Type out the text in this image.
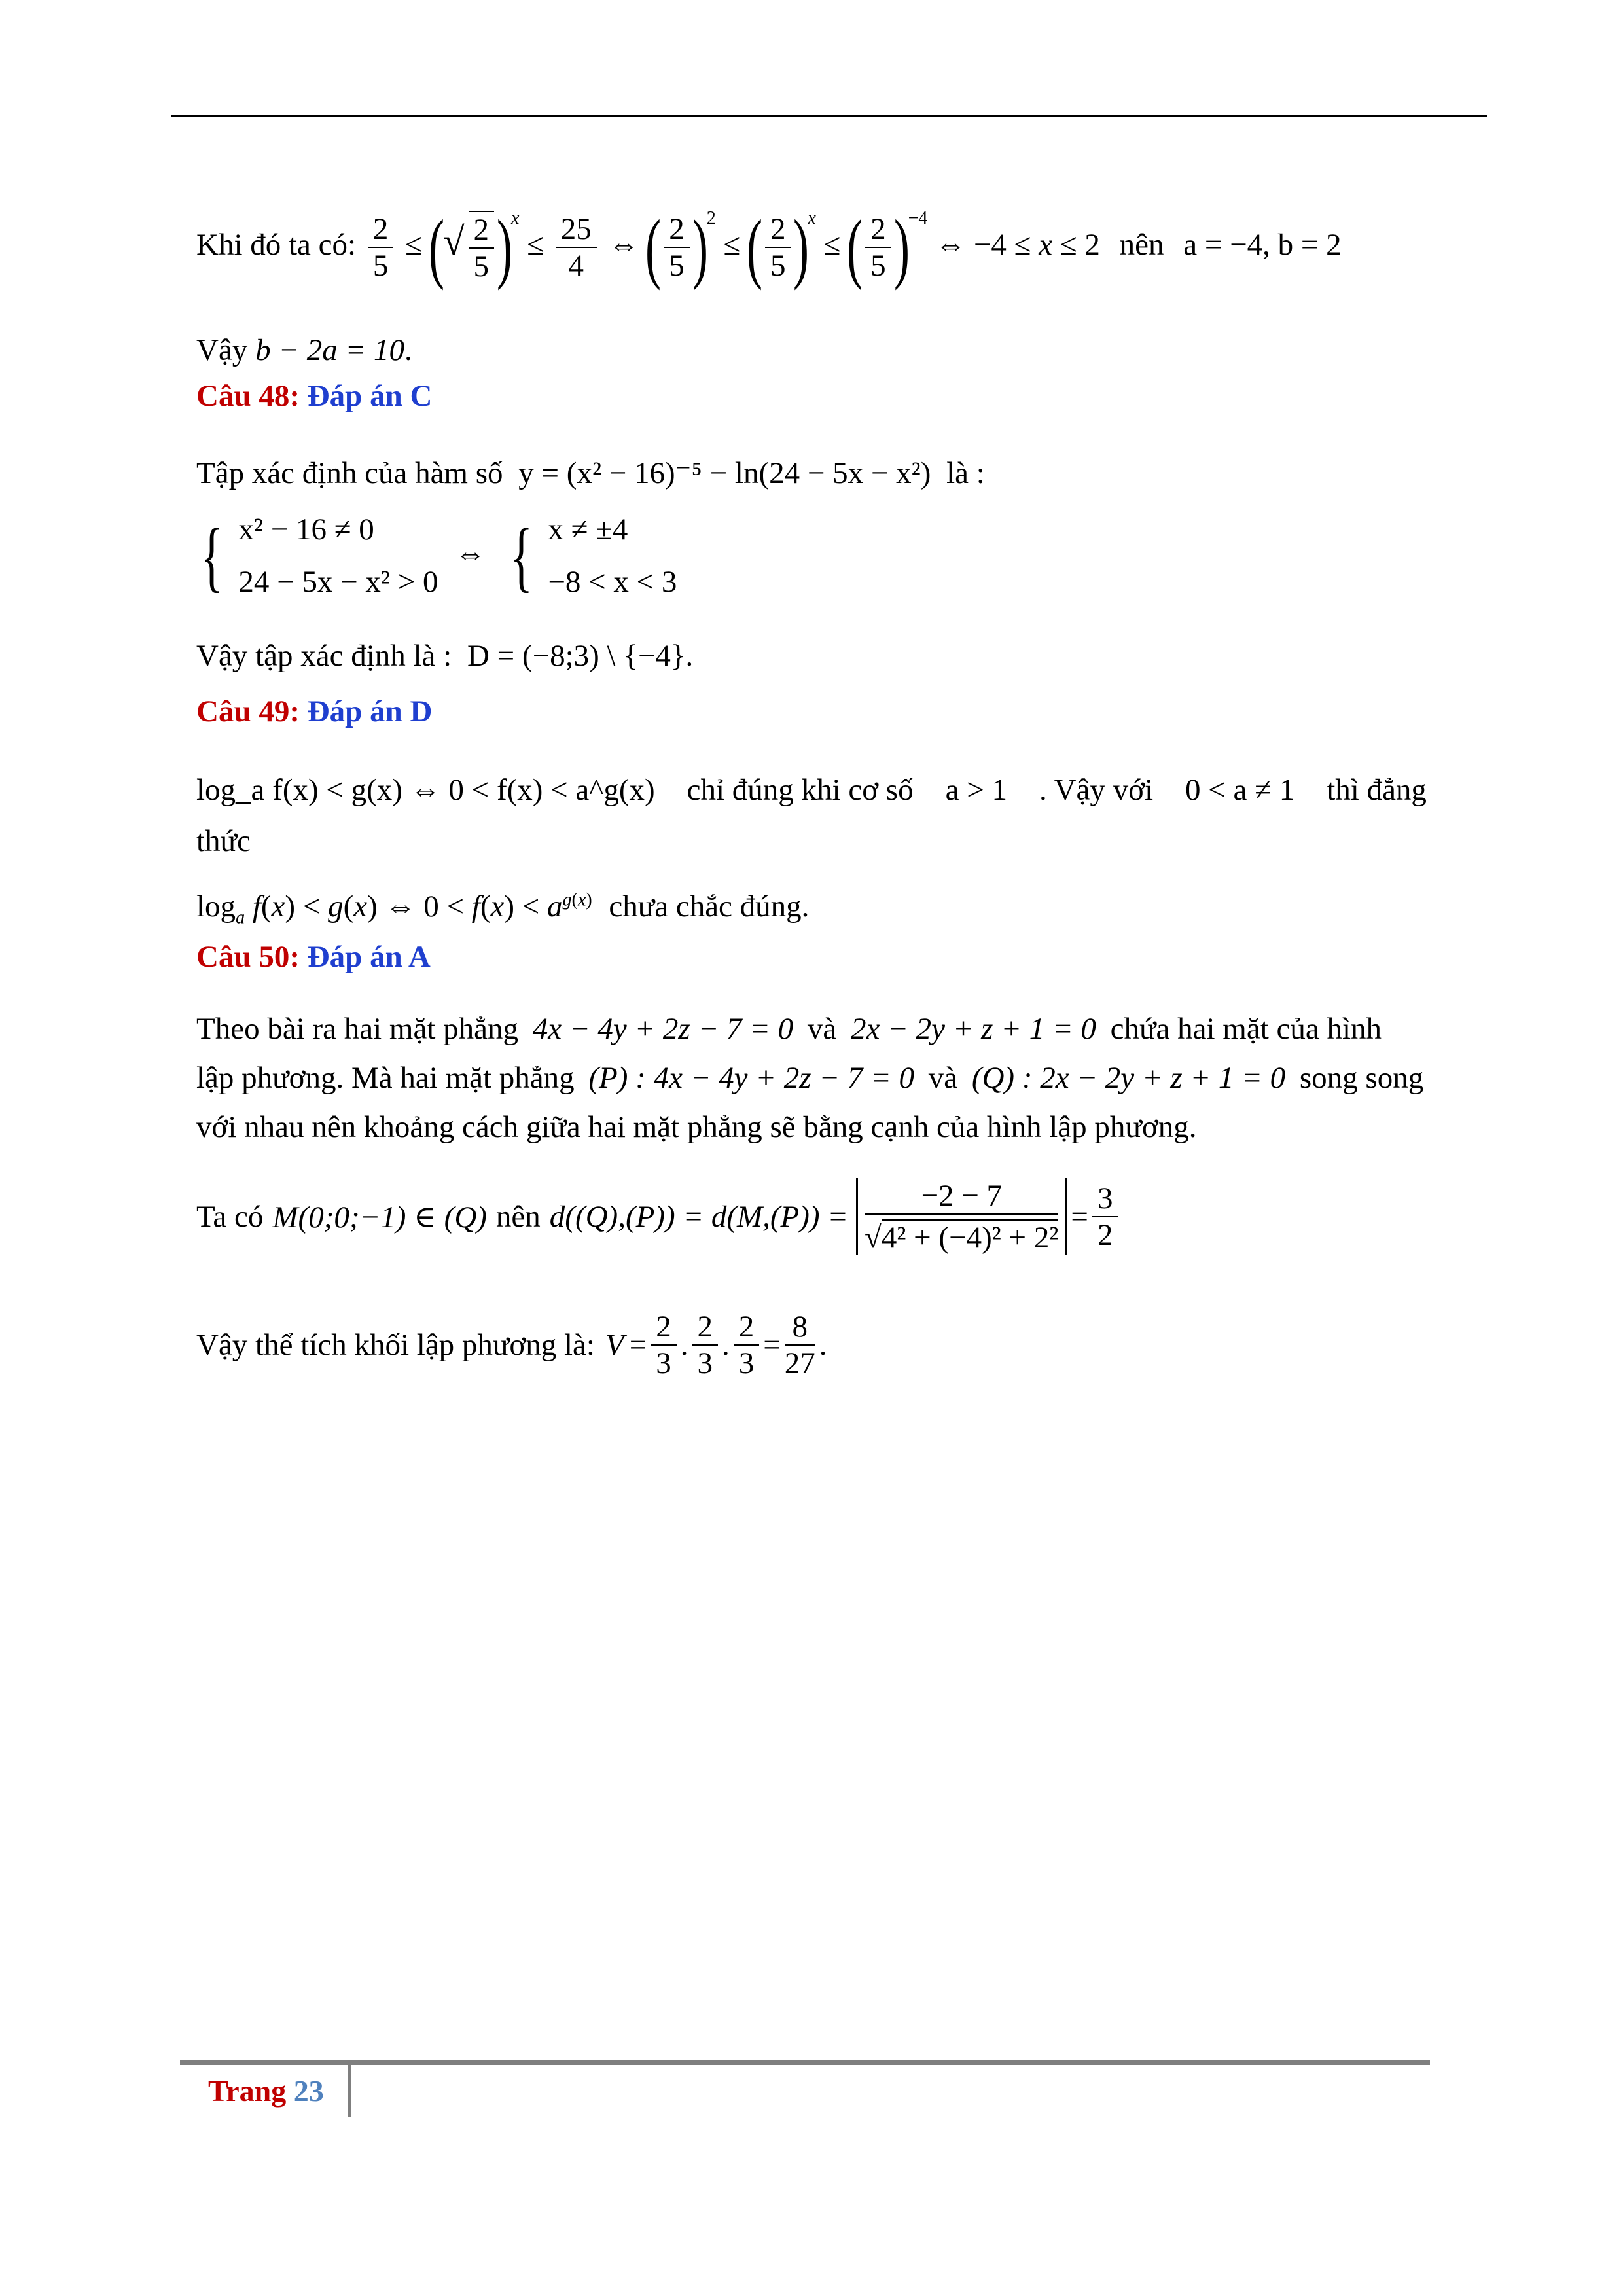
Khi đó ta có: $\frac{2}{5}$ ≤ (√ $\frac{2}{5} )^x \le \frac{25}{4}$ ⇔ ( $\frac{2}{5} )^2$ ≤ ( $\frac{2}{5} )^x$ ≤ ( $\frac{2}{5} )^{-4}$ ⇔ −4 ≤ x ≤ 2 nên a = −4, b = 2
Vậy b − 2a = 10.
Câu 48: Đáp án C
Tập xác định của hàm số y = (x² − 16)⁻⁵ − ln(24 − 5x − x²) là :
{ x² − 16 ≠ 0
24 − 5x − x² > 0 ⇔ { x ≠ ±4
−8 < x < 3
Vậy tập xác định là : D = (−8;3) \ {−4}.
Câu 49: Đáp án D
log_a f(x) < g(x) ⇔ 0 < f(x) < a^g(x) chỉ đúng khi cơ số a > 1 . Vậy với 0 < a ≠ 1 thì đẳng
thức
$\log_a f(x) < g(x)$ ⇔ $0 < f(x) < a^{g(x)}$ chưa chắc đúng.
Câu 50: Đáp án A
Theo bài ra hai mặt phẳng 4x − 4y + 2z − 7 = 0 và 2x − 2y + z + 1 = 0 chứa hai mặt của hình
lập phương. Mà hai mặt phẳng (P) : 4x − 4y + 2z − 7 = 0 và (Q) : 2x − 2y + z + 1 = 0 song song
với nhau nên khoảng cách giữa hai mặt phẳng sẽ bằng cạnh của hình lập phương.
Ta có M(0;0;−1) ∈ (Q) nên $d((Q),(P)) = d(M,(P)) = \frac{-2 - 7}{\text{√4² + (−4)² + 2²}} = \frac{3}{2}$
Vậy thể tích khối lập phương là: $V = \frac{2}{3}$ . $\frac{2}{3}$ . $\frac{2}{3} = \frac{8}{27}$ .
Trang 23
